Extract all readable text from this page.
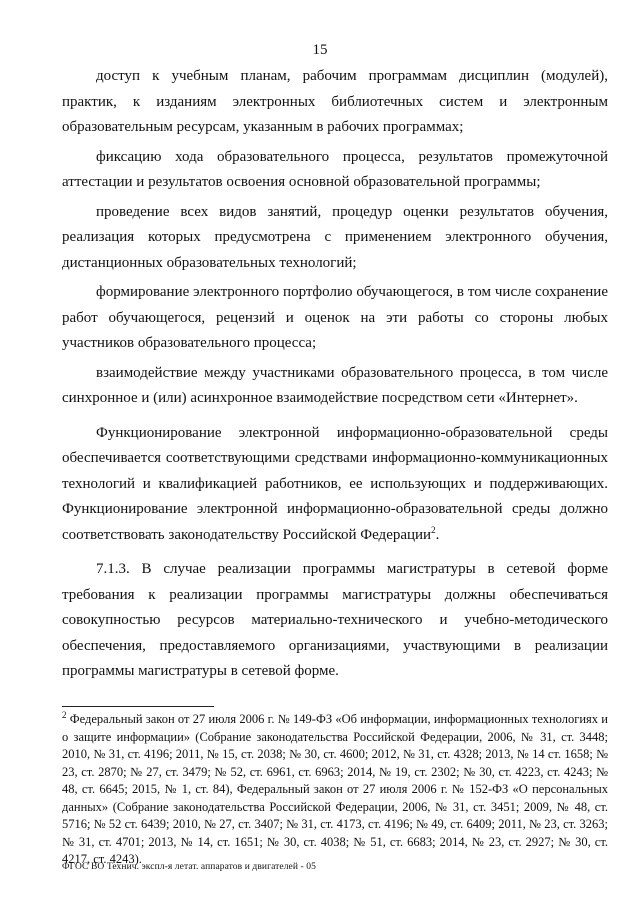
15

доступ к учебным планам, рабочим программам дисциплин (модулей), практик, к изданиям электронных библиотечных систем и электронным образовательным ресурсам, указанным в рабочих программах;

фиксацию хода образовательного процесса, результатов промежуточной аттестации и результатов освоения основной образовательной программы;

проведение всех видов занятий, процедур оценки результатов обучения, реализация которых предусмотрена с применением электронного обучения, дистанционных образовательных технологий;

формирование электронного портфолио обучающегося, в том числе сохранение работ обучающегося, рецензий и оценок на эти работы со стороны любых участников образовательного процесса;

взаимодействие между участниками образовательного процесса, в том числе синхронное и (или) асинхронное взаимодействие посредством сети «Интернет».

Функционирование электронной информационно-образовательной среды обеспечивается соответствующими средствами информационно-коммуникационных технологий и квалификацией работников, ее использующих и поддерживающих. Функционирование электронной информационно-образовательной среды должно соответствовать законодательству Российской Федерации$^2$.

7.1.3. В случае реализации программы магистратуры в сетевой форме требования к реализации программы магистратуры должны обеспечиваться совокупностью ресурсов материально-технического и учебно-методического обеспечения, предоставляемого организациями, участвующими в реализации программы магистратуры в сетевой форме.

$^2$ Федеральный закон от 27 июля 2006 г. № 149-ФЗ «Об информации, информационных технологиях и о защите информации» (Собрание законодательства Российской Федерации, 2006, № 31, ст. 3448; 2010, № 31, ст. 4196; 2011, № 15, ст. 2038; № 30, ст. 4600; 2012, № 31, ст. 4328; 2013, № 14 ст. 1658; № 23, ст. 2870; № 27, ст. 3479; № 52, ст. 6961, ст. 6963; 2014, № 19, ст. 2302; № 30, ст. 4223, ст. 4243; № 48, ст. 6645; 2015, № 1, ст. 84), Федеральный закон от 27 июля 2006 г. № 152-ФЗ «О персональных данных» (Собрание законодательства Российской Федерации, 2006, № 31, ст. 3451; 2009, № 48, ст. 5716; № 52 ст. 6439; 2010, № 27, ст. 3407; № 31, ст. 4173, ст. 4196; № 49, ст. 6409; 2011, № 23, ст. 3263; № 31, ст. 4701; 2013, № 14, ст. 1651; № 30, ст. 4038; № 51, ст. 6683; 2014, № 23, ст. 2927; № 30, ст. 4217, ст. 4243).

ФГОС ВО Технич. экспл-я летат. аппаратов и двигателей - 05
